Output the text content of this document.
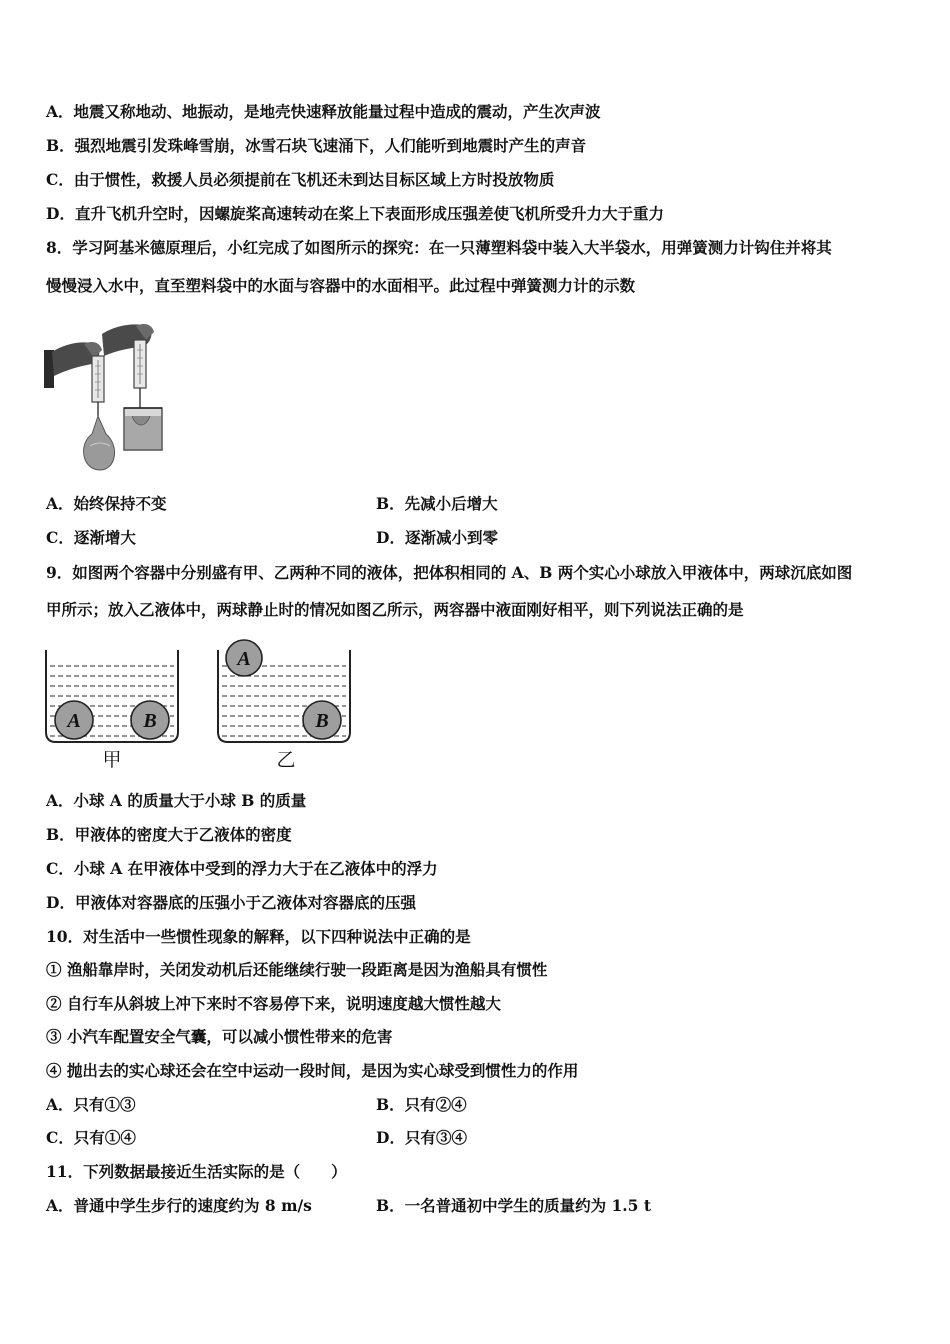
A．地震又称地动、地振动，是地壳快速释放能量过程中造成的震动，产生次声波
B．强烈地震引发珠峰雪崩，冰雪石块飞速涌下，人们能听到地震时产生的声音
C．由于惯性，救援人员必须提前在飞机还未到达目标区域上方时投放物质
D．直升飞机升空时，因螺旋桨高速转动在桨上下表面形成压强差使飞机所受升力大于重力
8．学习阿基米德原理后，小红完成了如图所示的探究：在一只薄塑料袋中装入大半袋水，用弹簧测力计钩住并将其
慢慢浸入水中，直至塑料袋中的水面与容器中的水面相平。此过程中弹簧测力计的示数
A．始终保持不变	B．先减小后增大
C．逐渐增大	D．逐渐减小到零
9．如图两个容器中分别盛有甲、乙两种不同的液体，把体积相同的 A、B 两个实心小球放入甲液体中，两球沉底如图
甲所示；放入乙液体中，两球静止时的情况如图乙所示，两容器中液面刚好相平，则下列说法正确的是
A	B
甲
A
B
乙
A．小球 A 的质量大于小球 B 的质量
B．甲液体的密度大于乙液体的密度
C．小球 A 在甲液体中受到的浮力大于在乙液体中的浮力
D．甲液体对容器底的压强小于乙液体对容器底的压强
10．对生活中一些惯性现象的解释，以下四种说法中正确的是
① 渔船靠岸时，关闭发动机后还能继续行驶一段距离是因为渔船具有惯性
② 自行车从斜坡上冲下来时不容易停下来，说明速度越大惯性越大
③ 小汽车配置安全气囊，可以减小惯性带来的危害
④ 抛出去的实心球还会在空中运动一段时间，是因为实心球受到惯性力的作用
A．只有①③	B．只有②④
C．只有①④	D．只有③④
11．下列数据最接近生活实际的是（　　）
A．普通中学生步行的速度约为 8 m/s	B．一名普通初中学生的质量约为 1.5 t
